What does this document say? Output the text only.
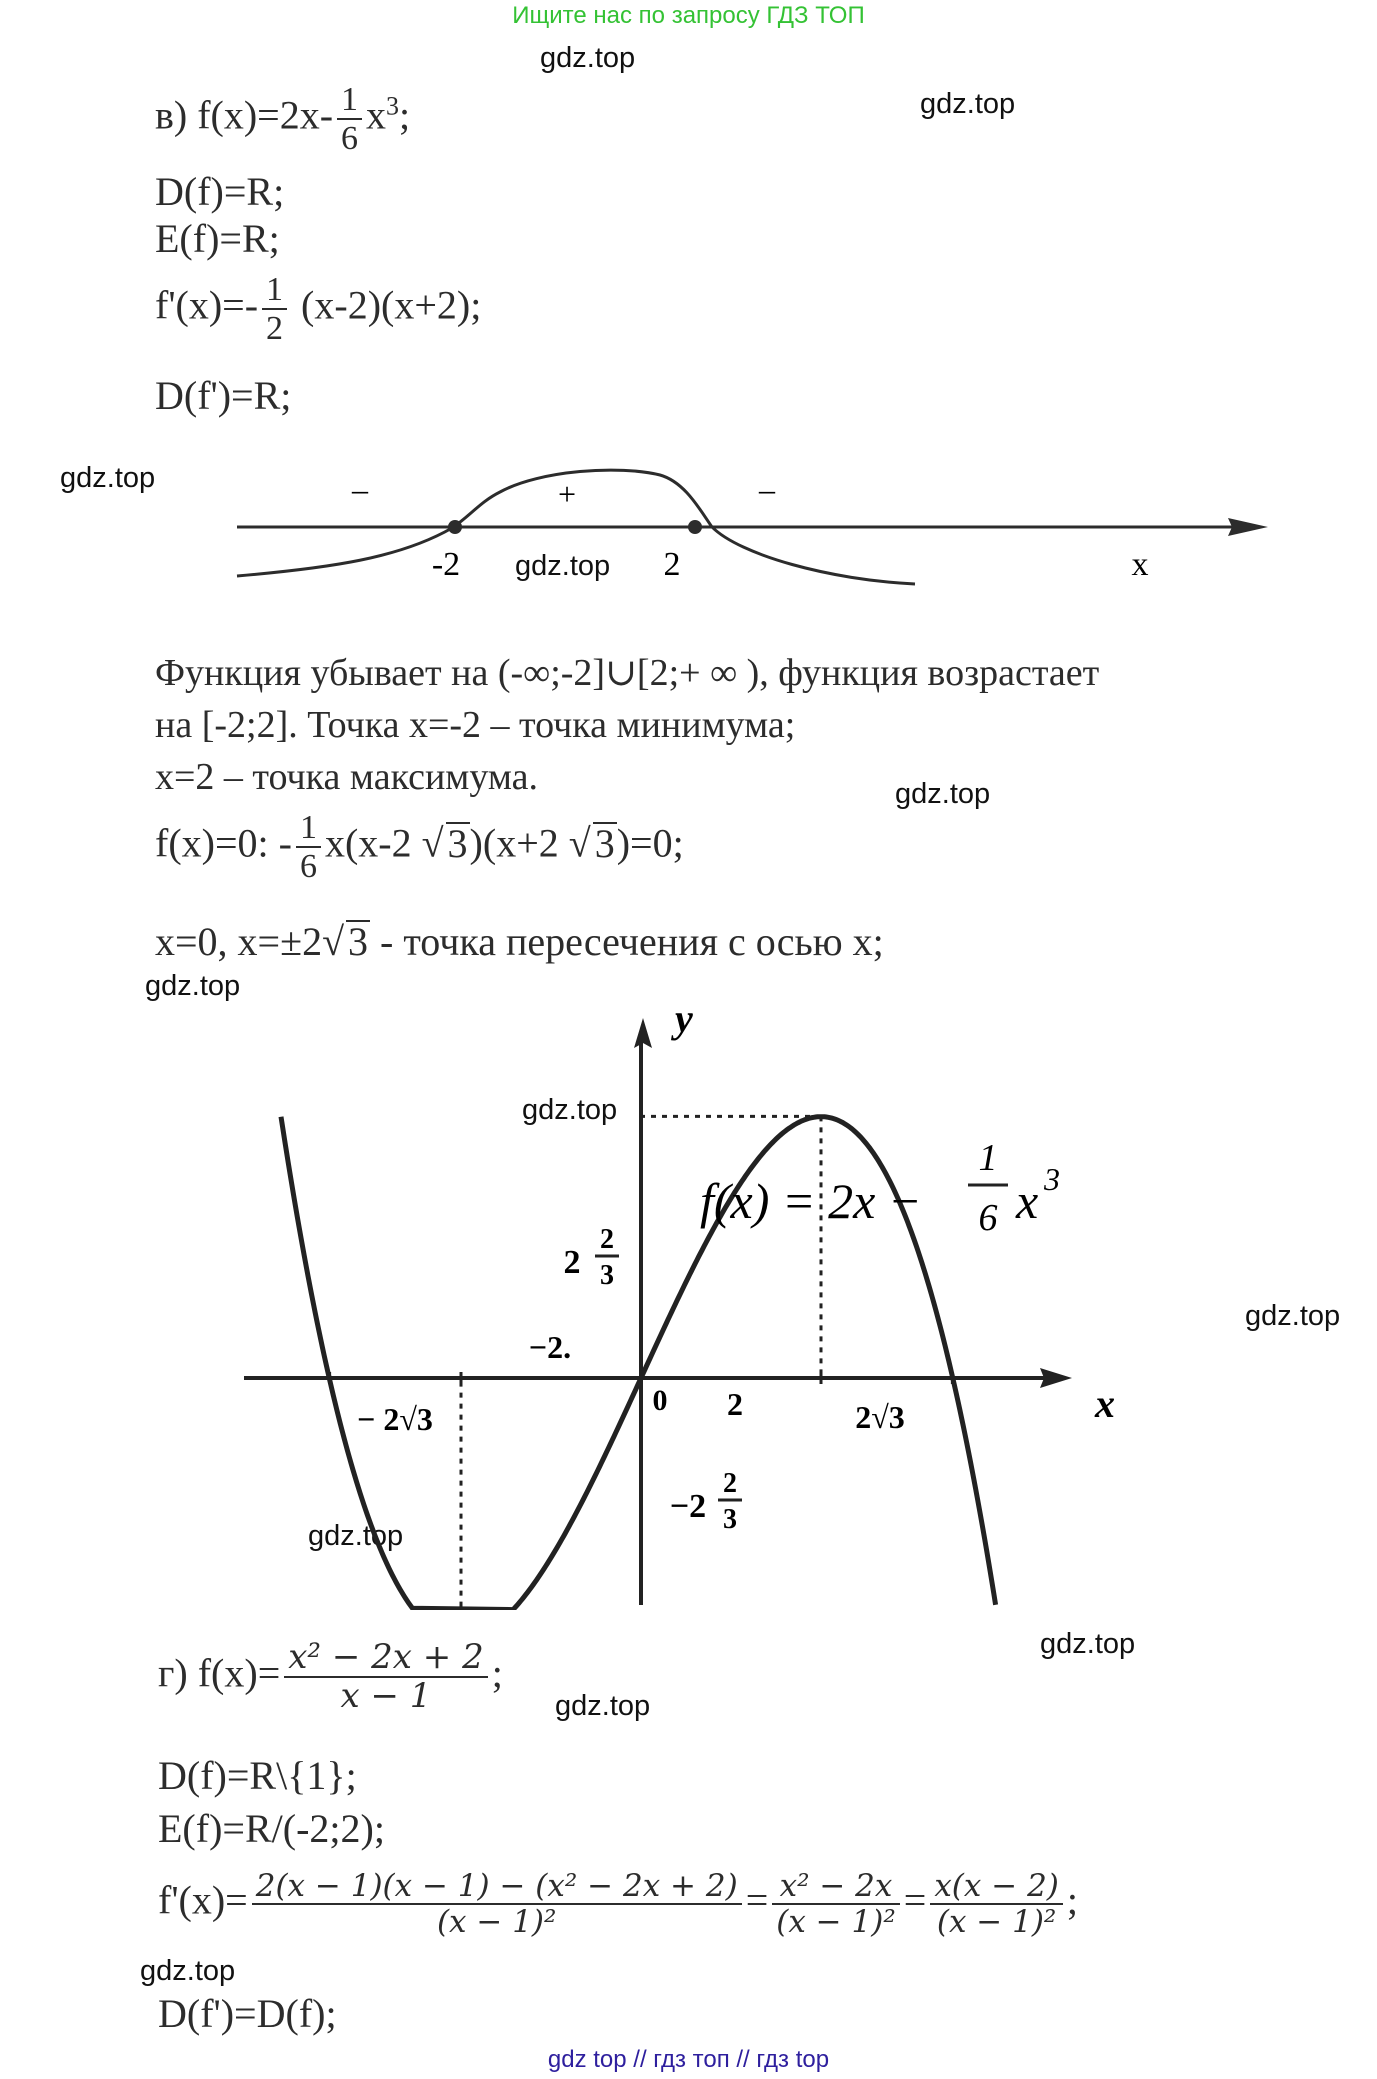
Ищите нас по запросу ГДЗ ТОП
gdz.top
gdz.top
gdz.top
gdz.top
gdz.top
gdz.top
gdz.top
gdz.top
gdz.top
gdz.top
gdz.top
gdz.top
в) $f(x)=2x- \frac{1}{6} x^3$;
D(f)=R;
E(f)=R;
$f'(x)=- \frac{1}{2} (x-2)(x+2)$;
D(f')=R;
–	+	–
-2	2	x
Функция убывает на (-∞;-2]∪[2;+ ∞ ), функция возрастает
на [-2;2]. Точка x=-2 – точка минимума;
x=2 – точка максимума.
f(x)=0: - $\frac{1}{6} x(x-2$ √ 3)(x+2 √ 3)=0;
x=0, x=±2√ 3 - точка пересечения с осью x;
y
x
f(x) = 2x −
1
6 x 3
2
2
3
−2
2
3
−2.
0 2
− 2√3	2√3
г) $f(x)= \frac{\text{x² − 2x + 2}}{x - 1}$ ;
D(f)=R\{1};
E(f)=R/(-2;2);
$f'(x)= \frac{\text{2(x − 1)(x − 1) − (x² − 2x + 2)}}{\text{(x − 1)²}} = \frac{\text{x² − 2x}}{\text{(x − 1)²}} = \frac{x(x - 2)}{\text{(x − 1)²}}$ ;
D(f')=D(f);
gdz top // гдз топ // гдз top
